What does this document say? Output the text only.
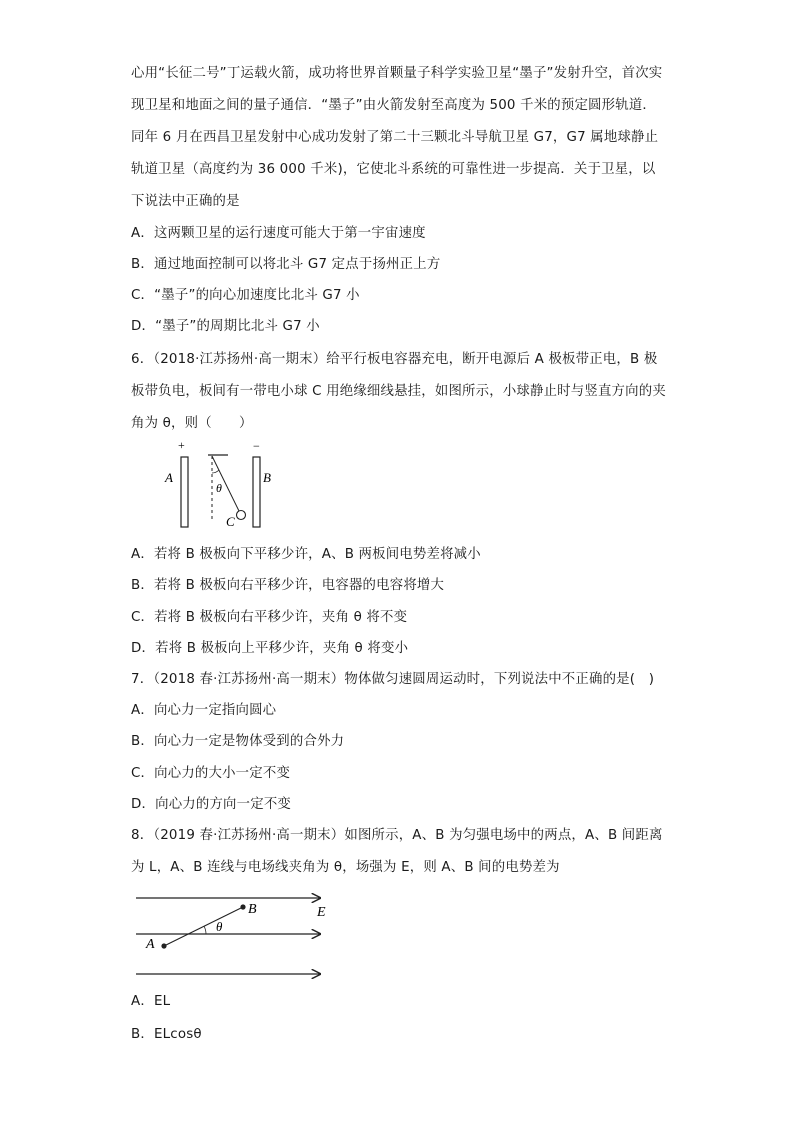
心用“长征二号”丁运载火箭，成功将世界首颗量子科学实验卫星“墨子”发射升空，首次实现卫星和地面之间的量子通信．“墨子”由火箭发射至高度为 500 千米的预定圆形轨道．同年 6 月在西昌卫星发射中心成功发射了第二十三颗北斗导航卫星 G7，G7 属地球静止轨道卫星（高度约为 36 000 千米)，它使北斗系统的可靠性进一步提高．关于卫星，以下说法中正确的是

A．这两颗卫星的运行速度可能大于第一宇宙速度

B．通过地面控制可以将北斗 G7 定点于扬州正上方

C．“墨子”的向心加速度比北斗 G7 小

D．“墨子”的周期比北斗 G7 小

6．（2018·江苏扬州·高一期末）给平行板电容器充电，断开电源后 A 极板带正电，B 极板带负电，板间有一带电小球 C 用绝缘细线悬挂，如图所示，小球静止时与竖直方向的夹角为 θ，则（　　）

+	−
A	B
θ
C

A．若将 B 极板向下平移少许，A、B 两板间电势差将减小

B．若将 B 极板向右平移少许，电容器的电容将增大

C．若将 B 极板向右平移少许，夹角 θ 将不变

D．若将 B 极板向上平移少许，夹角 θ 将变小

7．（2018 春·江苏扬州·高一期末）物体做匀速圆周运动时，下列说法中不正确的是(　)

A．向心力一定指向圆心

B．向心力一定是物体受到的合外力

C．向心力的大小一定不变

D．向心力的方向一定不变

8．（2019 春·江苏扬州·高一期末）如图所示，A、B 为匀强电场中的两点，A、B 间距离为 L，A、B 连线与电场线夹角为 θ，场强为 E，则 A、B 间的电势差为

E
A
B
θ

A．EL

B．ELcosθ
